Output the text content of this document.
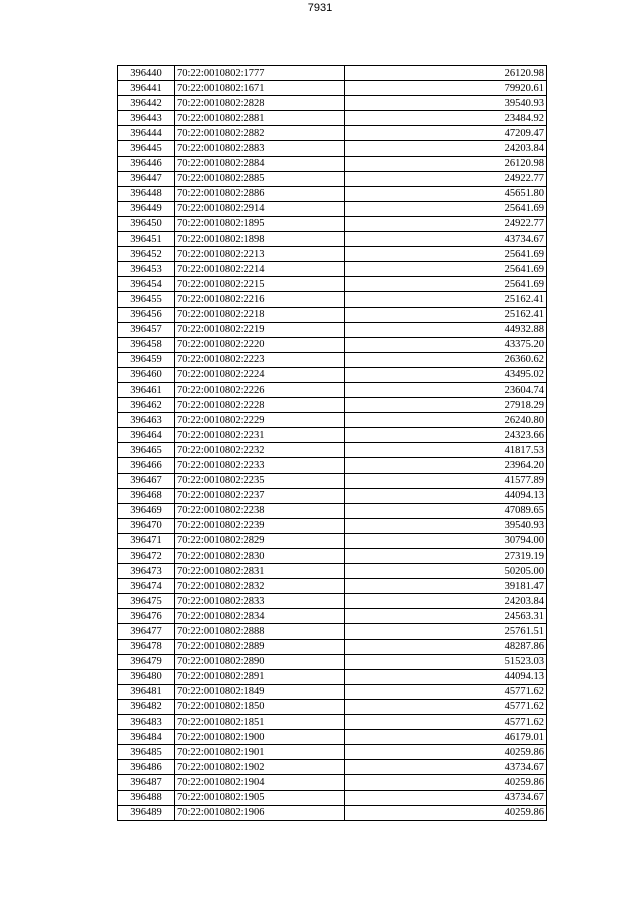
7931
396440	70:22:0010802:1777	26120.98
396441	70:22:0010802:1671	79920.61
396442	70:22:0010802:2828	39540.93
396443	70:22:0010802:2881	23484.92
396444	70:22:0010802:2882	47209.47
396445	70:22:0010802:2883	24203.84
396446	70:22:0010802:2884	26120.98
396447	70:22:0010802:2885	24922.77
396448	70:22:0010802:2886	45651.80
396449	70:22:0010802:2914	25641.69
396450	70:22:0010802:1895	24922.77
396451	70:22:0010802:1898	43734.67
396452	70:22:0010802:2213	25641.69
396453	70:22:0010802:2214	25641.69
396454	70:22:0010802:2215	25641.69
396455	70:22:0010802:2216	25162.41
396456	70:22:0010802:2218	25162.41
396457	70:22:0010802:2219	44932.88
396458	70:22:0010802:2220	43375.20
396459	70:22:0010802:2223	26360.62
396460	70:22:0010802:2224	43495.02
396461	70:22:0010802:2226	23604.74
396462	70:22:0010802:2228	27918.29
396463	70:22:0010802:2229	26240.80
396464	70:22:0010802:2231	24323.66
396465	70:22:0010802:2232	41817.53
396466	70:22:0010802:2233	23964.20
396467	70:22:0010802:2235	41577.89
396468	70:22:0010802:2237	44094.13
396469	70:22:0010802:2238	47089.65
396470	70:22:0010802:2239	39540.93
396471	70:22:0010802:2829	30794.00
396472	70:22:0010802:2830	27319.19
396473	70:22:0010802:2831	50205.00
396474	70:22:0010802:2832	39181.47
396475	70:22:0010802:2833	24203.84
396476	70:22:0010802:2834	24563.31
396477	70:22:0010802:2888	25761.51
396478	70:22:0010802:2889	48287.86
396479	70:22:0010802:2890	51523.03
396480	70:22:0010802:2891	44094.13
396481	70:22:0010802:1849	45771.62
396482	70:22:0010802:1850	45771.62
396483	70:22:0010802:1851	45771.62
396484	70:22:0010802:1900	46179.01
396485	70:22:0010802:1901	40259.86
396486	70:22:0010802:1902	43734.67
396487	70:22:0010802:1904	40259.86
396488	70:22:0010802:1905	43734.67
396489	70:22:0010802:1906	40259.86
